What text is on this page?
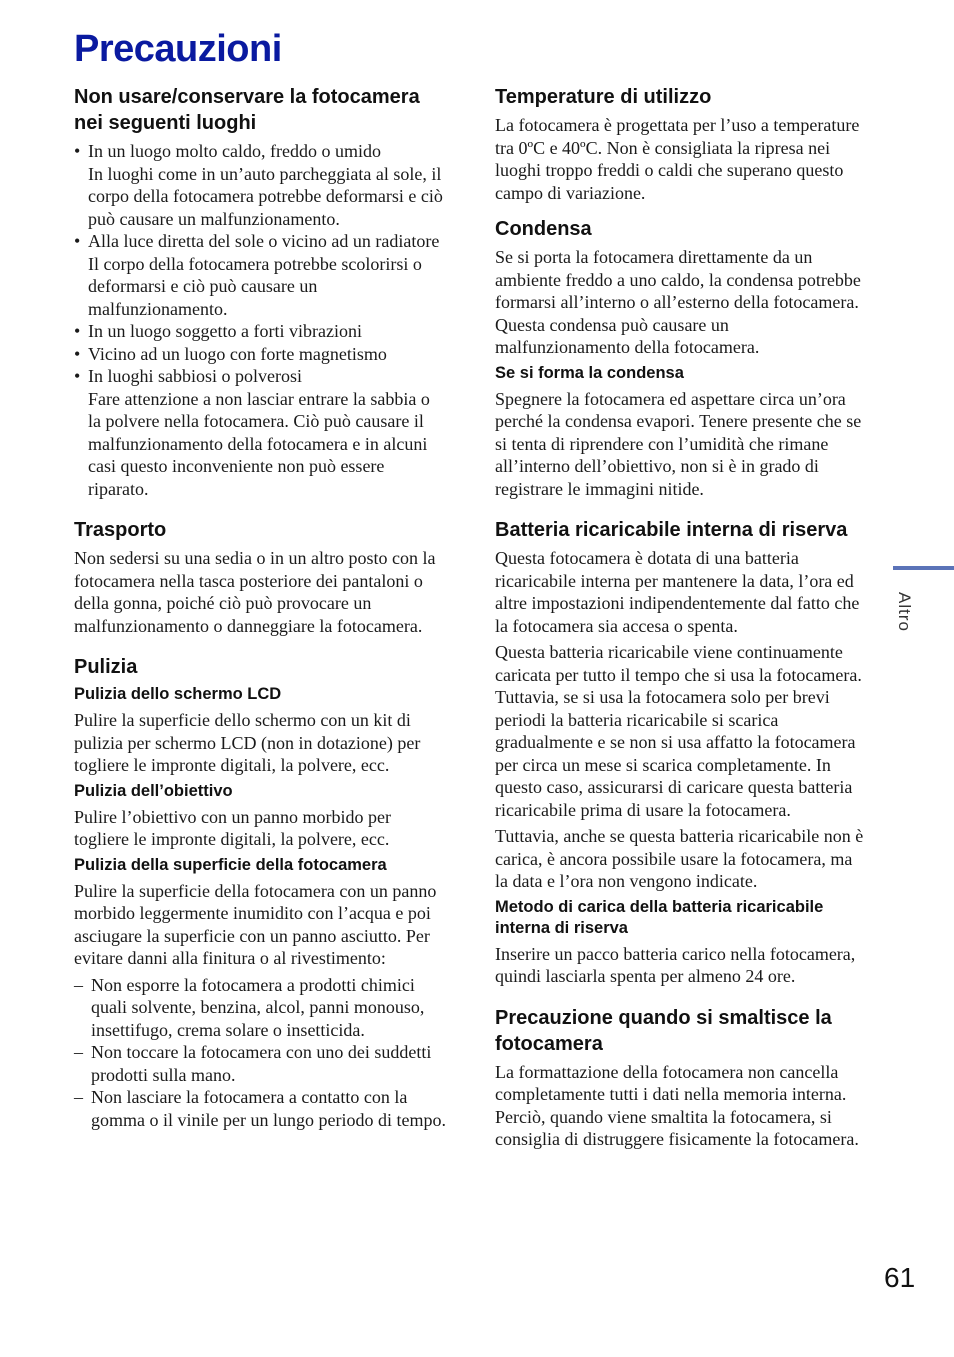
Precauzioni
Non usare/conservare la fotocamera nei seguenti luoghi
• In un luogo molto caldo, freddo o umido
In luoghi come in un’auto parcheggiata al sole, il corpo della fotocamera potrebbe deformarsi e ciò può causare un malfunzionamento.
• Alla luce diretta del sole o vicino ad un radiatore
Il corpo della fotocamera potrebbe scolorirsi o deformarsi e ciò può causare un malfunzionamento.
• In un luogo soggetto a forti vibrazioni
• Vicino ad un luogo con forte magnetismo
• In luoghi sabbiosi o polverosi
Fare attenzione a non lasciar entrare la sabbia o la polvere nella fotocamera. Ciò può causare il malfunzionamento della fotocamera e in alcuni casi questo inconveniente non può essere riparato.
Trasporto

Non sedersi su una sedia o in un altro posto con la fotocamera nella tasca posteriore dei pantaloni o della gonna, poiché ciò può provocare un malfunzionamento o danneggiare la fotocamera.

Pulizia
Pulizia dello schermo LCD

Pulire la superficie dello schermo con un kit di pulizia per schermo LCD (non in dotazione) per togliere le impronte digitali, la polvere, ecc.

Pulizia dell’obiettivo

Pulire l’obiettivo con un panno morbido per togliere le impronte digitali, la polvere, ecc.

Pulizia della superficie della fotocamera

Pulire la superficie della fotocamera con un panno morbido leggermente inumidito con l’acqua e poi asciugare la superficie con un panno asciutto. Per evitare danni alla finitura o al rivestimento:

– Non esporre la fotocamera a prodotti chimici quali solvente, benzina, alcol, panni monouso, insettifugo, crema solare o insetticida.
– Non toccare la fotocamera con uno dei suddetti prodotti sulla mano.
– Non lasciare la fotocamera a contatto con la gomma o il vinile per un lungo periodo di tempo.
Temperature di utilizzo

La fotocamera è progettata per l’uso a temperature tra 0ºC e 40ºC. Non è consigliata la ripresa nei luoghi troppo freddi o caldi che superano questo campo di variazione.

Condensa

Se si porta la fotocamera direttamente da un ambiente freddo a uno caldo, la condensa potrebbe formarsi all’interno o all’esterno della fotocamera. Questa condensa può causare un malfunzionamento della fotocamera.

Se si forma la condensa

Spegnere la fotocamera ed aspettare circa un’ora perché la condensa evapori. Tenere presente che se si tenta di riprendere con l’umidità che rimane all’interno dell’obiettivo, non si è in grado di registrare le immagini nitide.

Batteria ricaricabile interna di riserva

Questa fotocamera è dotata di una batteria ricaricabile interna per mantenere la data, l’ora ed altre impostazioni indipendentemente dal fatto che la fotocamera sia accesa o spenta.

Questa batteria ricaricabile viene continuamente caricata per tutto il tempo che si usa la fotocamera. Tuttavia, se si usa la fotocamera solo per brevi periodi la batteria ricaricabile si scarica gradualmente e se non si usa affatto la fotocamera per circa un mese si scarica completamente. In questo caso, assicurarsi di caricare questa batteria ricaricabile prima di usare la fotocamera.

Tuttavia, anche se questa batteria ricaricabile non è carica, è ancora possibile usare la fotocamera, ma la data e l’ora non vengono indicate.

Metodo di carica della batteria ricaricabile interna di riserva

Inserire un pacco batteria carico nella fotocamera, quindi lasciarla spenta per almeno 24 ore.

Precauzione quando si smaltisce la fotocamera

La formattazione della fotocamera non cancella completamente tutti i dati nella memoria interna. Perciò, quando viene smaltita la fotocamera, si consiglia di distruggere fisicamente la fotocamera.

Altro
61
